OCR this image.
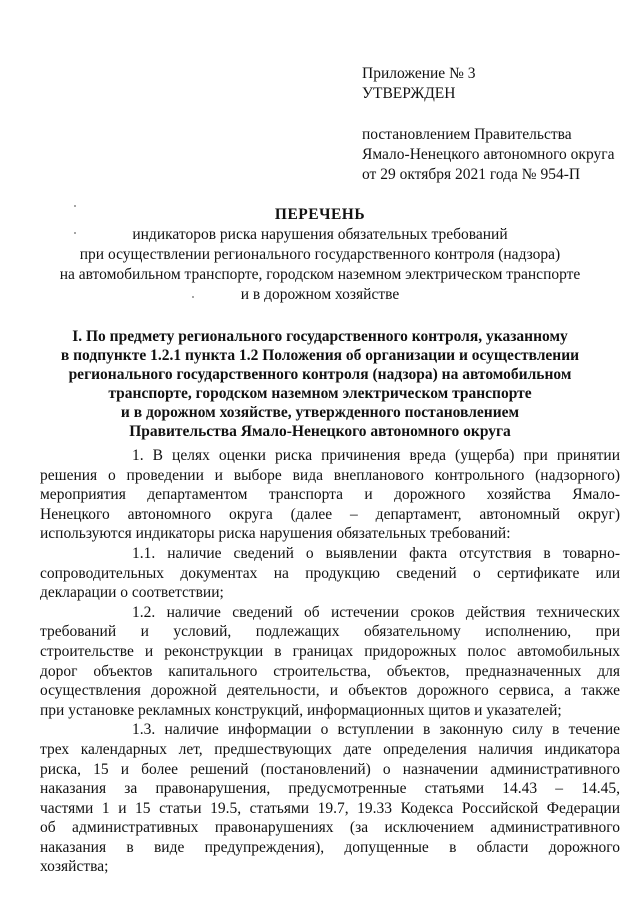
Приложение № 3
УТВЕРЖДЕН
постановлением Правительства
Ямало-Ненецкого автономного округа
от 29 октября 2021 года № 954-П
ПЕРЕЧЕНЬ
индикаторов риска нарушения обязательных требований
при осуществлении регионального государственного контроля (надзора)
на автомобильном транспорте, городском наземном электрическом транспорте
и в дорожном хозяйстве
I. По предмету регионального государственного контроля, указанному
в подпункте 1.2.1 пункта 1.2 Положения об организации и осуществлении
регионального государственного контроля (надзора) на автомобильном
транспорте, городском наземном электрическом транспорте
и в дорожном хозяйстве, утвержденного постановлением
Правительства Ямало-Ненецкого автономного округа
1. В целях оценки риска причинения вреда (ущерба) при принятии
решения о проведении и выборе вида внепланового контрольного (надзорного)
мероприятия департаментом транспорта и дорожного хозяйства Ямало-
Ненецкого автономного округа (далее – департамент, автономный округ)
используются индикаторы риска нарушения обязательных требований:
1.1. наличие сведений о выявлении факта отсутствия в товарно-
сопроводительных документах на продукцию сведений о сертификате или
декларации о соответствии;
1.2. наличие сведений об истечении сроков действия технических
требований и условий, подлежащих обязательному исполнению, при
строительстве и реконструкции в границах придорожных полос автомобильных
дорог объектов капитального строительства, объектов, предназначенных для
осуществления дорожной деятельности, и объектов дорожного сервиса, а также
при установке рекламных конструкций, информационных щитов и указателей;
1.3. наличие информации о вступлении в законную силу в течение
трех календарных лет, предшествующих дате определения наличия индикатора
риска, 15 и более решений (постановлений) о назначении административного
наказания за правонарушения, предусмотренные статьями 14.43 – 14.45,
частями 1 и 15 статьи 19.5, статьями 19.7, 19.33 Кодекса Российской Федерации
об административных правонарушениях (за исключением административного
наказания в виде предупреждения), допущенные в области дорожного
хозяйства;
